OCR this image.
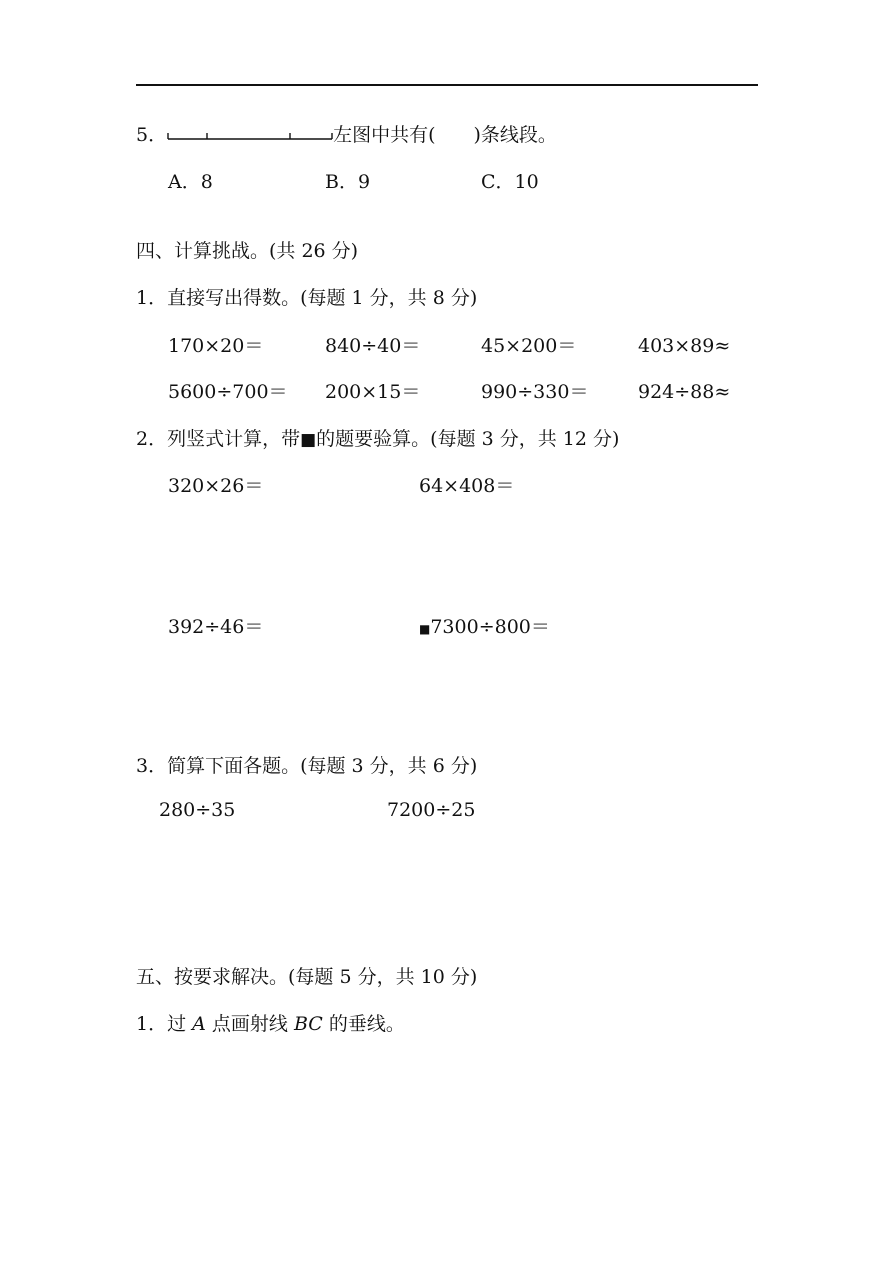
5．	左图中共有(　　)条线段。
A．8	B．9	C．10
四、计算挑战。(共 26 分)
1．直接写出得数。(每题 1 分，共 8 分)
170×20＝	840÷40＝	45×200＝	403×89≈
5600÷700＝ 200×15＝	990÷330＝	924÷88≈
2．列竖式计算，带■的题要验算。(每题 3 分，共 12 分)
320×26＝	64×408＝
392÷46＝	■7300÷800＝
3．简算下面各题。(每题 3 分，共 6 分)
280÷35	7200÷25
五、按要求解决。(每题 5 分，共 10 分)
1．过 A 点画射线 BC 的垂线。
